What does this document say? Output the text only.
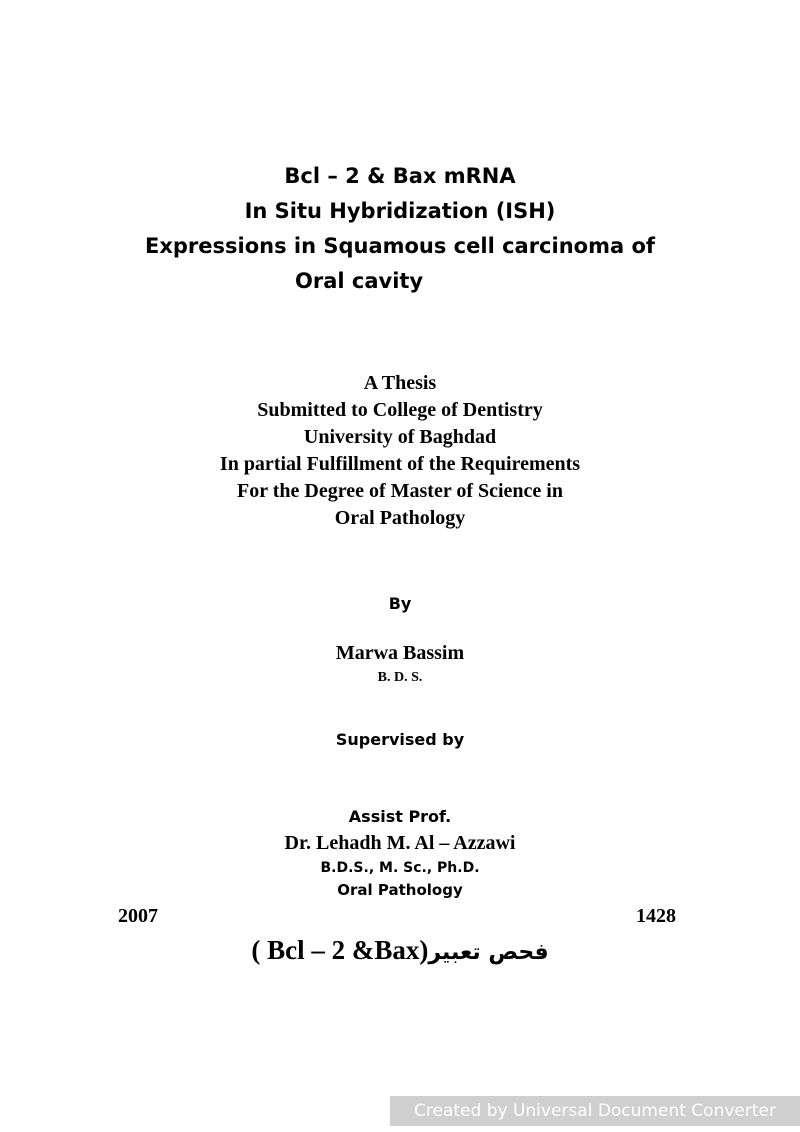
Bcl – 2 & Bax mRNA
In Situ Hybridization (ISH)
Expressions in Squamous cell carcinoma of
Oral cavity
A Thesis
Submitted to College of Dentistry
University of Baghdad
In partial Fulfillment of the Requirements
For the Degree of Master of Science in
Oral Pathology
By
Marwa Bassim
B. D. S.
Supervised by
Assist Prof.
Dr. Lehadh M. Al – Azzawi
B.D.S., M. Sc., Ph.D.
Oral Pathology
2007	1428
( Bcl – 2 &Bax)فحص تعبير
Created by Universal Document Converter
